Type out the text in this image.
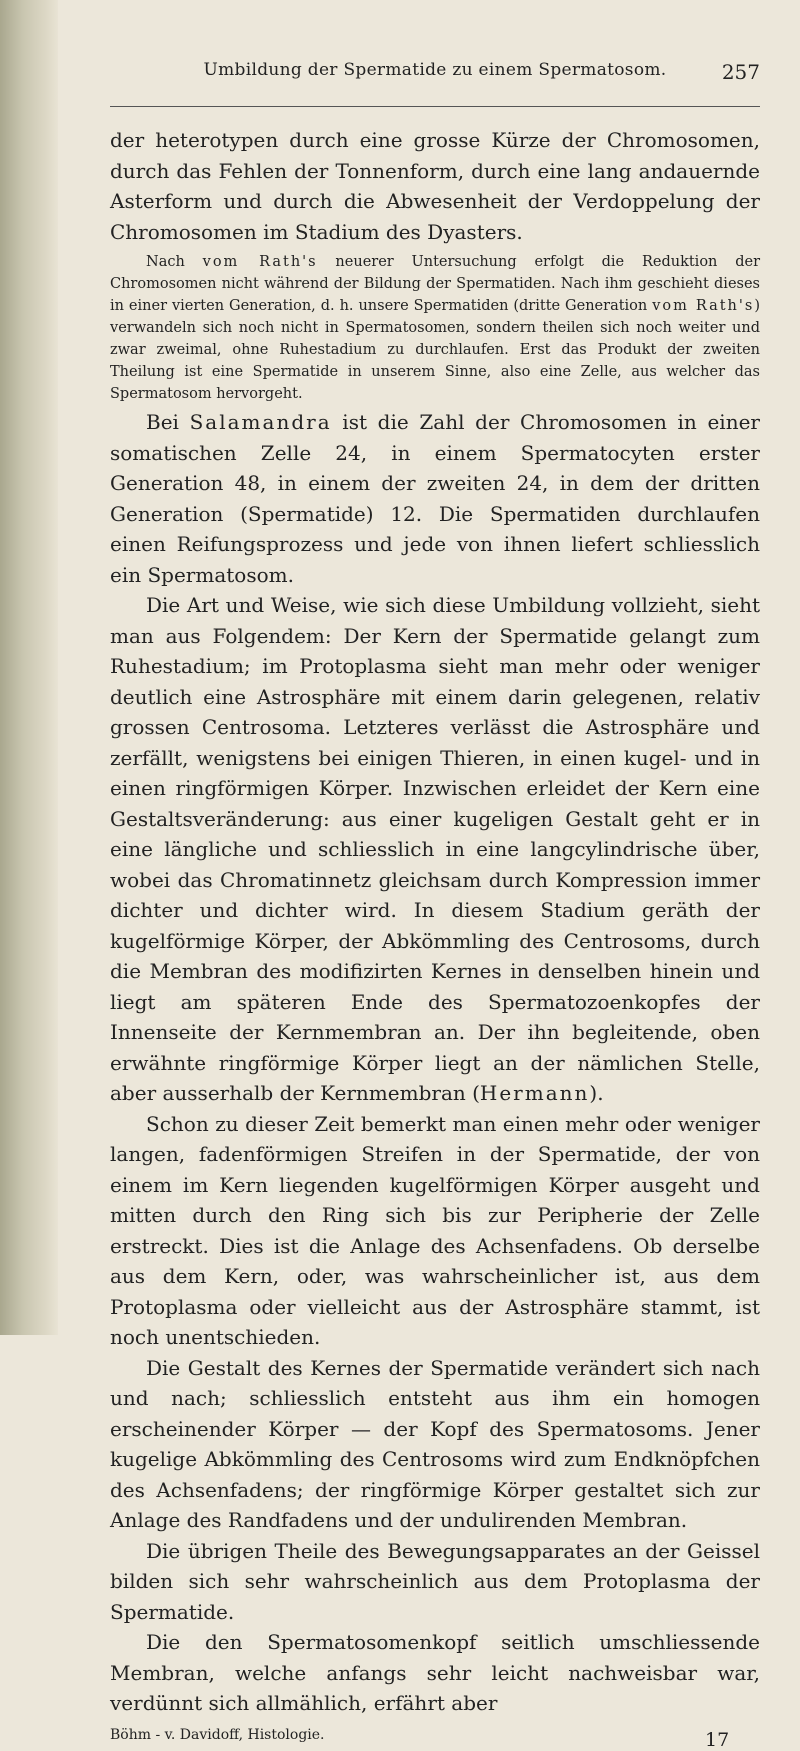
Umbildung der Spermatide zu einem Spermatosom.	257

der heterotypen durch eine grosse Kürze der Chromosomen, durch das Fehlen der Tonnenform, durch eine lang andauernde Asterform und durch die Abwesenheit der Verdoppelung der Chromosomen im Stadium des Dyasters.

Nach vom Rath's neuerer Untersuchung erfolgt die Reduktion der Chromosomen nicht während der Bildung der Spermatiden. Nach ihm geschieht dieses in einer vierten Generation, d. h. unsere Spermatiden (dritte Generation vom Rath's) verwandeln sich noch nicht in Spermatosomen, sondern theilen sich noch weiter und zwar zweimal, ohne Ruhestadium zu durchlaufen. Erst das Produkt der zweiten Theilung ist eine Spermatide in unserem Sinne, also eine Zelle, aus welcher das Spermatosom hervorgeht.

Bei Salamandra ist die Zahl der Chromosomen in einer somatischen Zelle 24, in einem Spermatocyten erster Generation 48, in einem der zweiten 24, in dem der dritten Generation (Spermatide) 12. Die Spermatiden durchlaufen einen Reifungsprozess und jede von ihnen liefert schliesslich ein Spermatosom.

Die Art und Weise, wie sich diese Umbildung vollzieht, sieht man aus Folgendem: Der Kern der Spermatide gelangt zum Ruhestadium; im Protoplasma sieht man mehr oder weniger deutlich eine Astrosphäre mit einem darin gelegenen, relativ grossen Centrosoma. Letzteres verlässt die Astrosphäre und zerfällt, wenigstens bei einigen Thieren, in einen kugel- und in einen ringförmigen Körper. Inzwischen erleidet der Kern eine Gestaltsveränderung: aus einer kugeligen Gestalt geht er in eine längliche und schliesslich in eine langcylindrische über, wobei das Chromatinnetz gleichsam durch Kompression immer dichter und dichter wird. In diesem Stadium geräth der kugelförmige Körper, der Abkömmling des Centrosoms, durch die Membran des modifizirten Kernes in denselben hinein und liegt am späteren Ende des Spermatozoenkopfes der Innenseite der Kernmembran an. Der ihn begleitende, oben erwähnte ringförmige Körper liegt an der nämlichen Stelle, aber ausserhalb der Kernmembran (Hermann).

Schon zu dieser Zeit bemerkt man einen mehr oder weniger langen, fadenförmigen Streifen in der Spermatide, der von einem im Kern liegenden kugelförmigen Körper ausgeht und mitten durch den Ring sich bis zur Peripherie der Zelle erstreckt. Dies ist die Anlage des Achsenfadens. Ob derselbe aus dem Kern, oder, was wahrscheinlicher ist, aus dem Protoplasma oder vielleicht aus der Astrosphäre stammt, ist noch unentschieden.

Die Gestalt des Kernes der Spermatide verändert sich nach und nach; schliesslich entsteht aus ihm ein homogen erscheinender Körper — der Kopf des Spermatosoms. Jener kugelige Abkömmling des Centrosoms wird zum Endknöpfchen des Achsenfadens; der ringförmige Körper gestaltet sich zur Anlage des Randfadens und der undulirenden Membran.

Die übrigen Theile des Bewegungsapparates an der Geissel bilden sich sehr wahrscheinlich aus dem Protoplasma der Spermatide.

Die den Spermatosomenkopf seitlich umschliessende Membran, welche anfangs sehr leicht nachweisbar war, verdünnt sich allmählich, erfährt aber

Böhm - v. Davidoff, Histologie.	17
